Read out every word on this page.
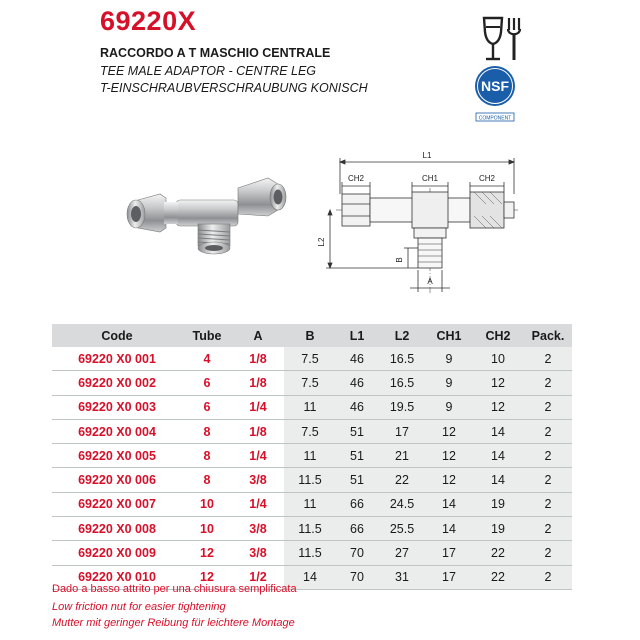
69220X
RACCORDO A T MASCHIO CENTRALE
TEE MALE ADAPTOR - CENTRE LEG
T-EINSCHRAUBVERSCHRAUBUNG KONISCH	NSF
COMPONENT
L1
CH2	CH1	CH2
A
L2
B
Code	Tube	A	B	L1	L2	CH1	CH2	Pack.
69220 X0 001	4	1/8	7.5	46	16.5	9	10	2
69220 X0 002	6	1/8	7.5	46	16.5	9	12	2
69220 X0 003	6	1/4	11	46	19.5	9	12	2
69220 X0 004	8	1/8	7.5	51	17	12	14	2
69220 X0 005	8	1/4	11	51	21	12	14	2
69220 X0 006	8	3/8	11.5	51	22	12	14	2
69220 X0 007	10	1/4	11	66	24.5	14	19	2
69220 X0 008	10	3/8	11.5	66	25.5	14	19	2
69220 X0 009	12	3/8	11.5	70	27	17	22	2
69220 X0 010	12	1/2	14	70	31	17	22	2
Dado a basso attrito per una chiusura semplificata
Low friction nut for easier tightening
Mutter mit geringer Reibung für leichtere Montage
